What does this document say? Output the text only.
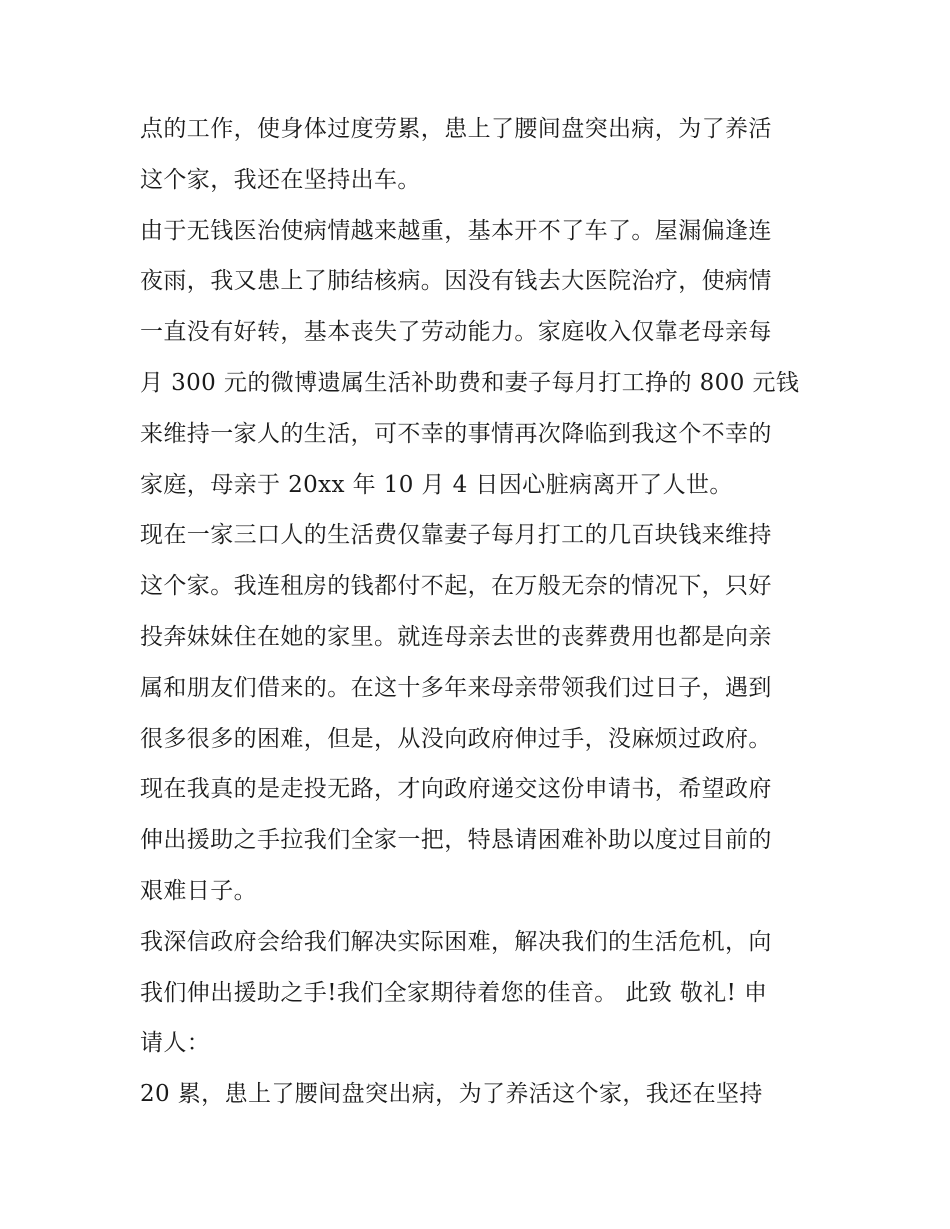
点的工作，使身体过度劳累，患上了腰间盘突出病，为了养活
这个家，我还在坚持出车。
由于无钱医治使病情越来越重，基本开不了车了。屋漏偏逢连
夜雨，我又患上了肺结核病。因没有钱去大医院治疗，使病情
一直没有好转，基本丧失了劳动能力。家庭收入仅靠老母亲每
月 300 元的微博遗属生活补助费和妻子每月打工挣的 800 元钱
来维持一家人的生活，可不幸的事情再次降临到我这个不幸的
家庭，母亲于 20xx 年 10 月 4 日因心脏病离开了人世。
现在一家三口人的生活费仅靠妻子每月打工的几百块钱来维持
这个家。我连租房的钱都付不起，在万般无奈的情况下，只好
投奔妹妹住在她的家里。就连母亲去世的丧葬费用也都是向亲
属和朋友们借来的。在这十多年来母亲带领我们过日子，遇到
很多很多的困难，但是，从没向政府伸过手，没麻烦过政府。
现在我真的是走投无路，才向政府递交这份申请书，希望政府
伸出援助之手拉我们全家一把，特恳请困难补助以度过目前的
艰难日子。
我深信政府会给我们解决实际困难，解决我们的生活危机，向
我们伸出援助之手!我们全家期待着您的佳音。 此致 敬礼! 申
请人：
20 累，患上了腰间盘突出病，为了养活这个家，我还在坚持
